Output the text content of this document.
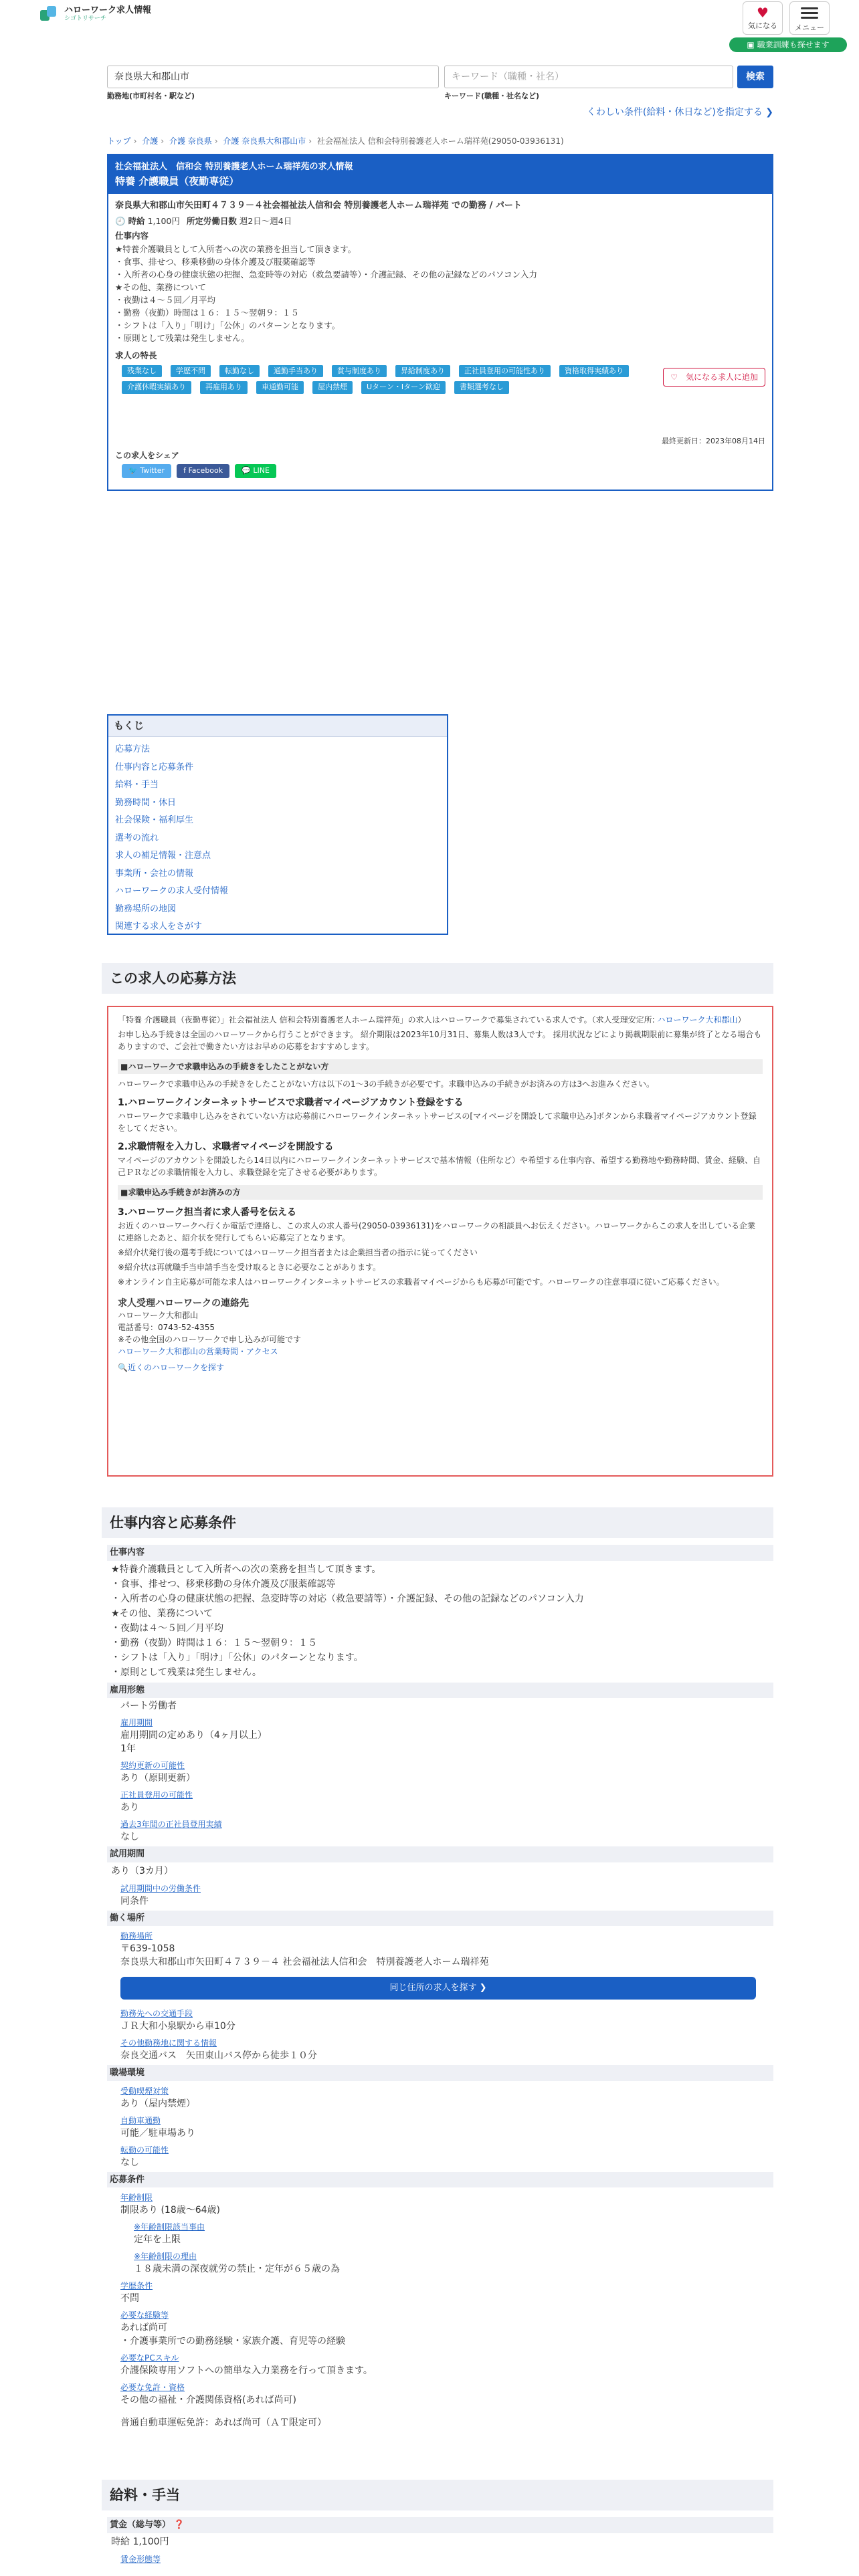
ハローワーク求人情報
シゴトリサーチ	♥
気になる	メニュー
▣ 職業訓練も探せます
奈良県大和郡山市	キーワード（職種・社名）	検索
勤務地(市町村名・駅など)	キーワード(職種・社名など)
くわしい条件(給料・休日など)を指定する ❯
トップ › 介護 › 介護 奈良県 › 介護 奈良県大和郡山市 › 社会福祉法人 信和会特別養護老人ホーム瑞祥苑(29050-03936131)
社会福祉法人　信和会 特別養護老人ホーム瑞祥苑の求人情報
特養 介護職員（夜勤専従）
奈良県大和郡山市矢田町４７３９－４社会福祉法人信和会 特別養護老人ホーム瑞祥苑 での勤務 / パート
🕘 時給 1,100円 所定労働日数 週2日〜週4日
仕事内容
★特養介護職員として入所者への次の業務を担当して頂きます。
・食事、排せつ、移乗移動の身体介護及び服薬確認等
・入所者の心身の健康状態の把握、急変時等の対応（救急要請等）・介護記録、その他の記録などのパソコン入力
★その他、業務について
・夜勤は４～５回／月平均
・勤務（夜勤）時間は１６：１５～翌朝９：１５
・シフトは「入り」「明け」「公休」のパターンとなります。
・原則として残業は発生しません。
求人の特長
残業なし	学歴不問	転勤なし	通勤手当あり	賞与制度あり	昇給制度あり	正社員登用の可能性あり	資格取得実績あり
介護休暇実績あり	再雇用あり	車通勤可能	屋内禁煙	Uターン・Iターン歓迎	書類選考なし
♡　気になる求人に追加
最終更新日：2023年08月14日
この求人をシェア
🐦 Twitter	f Facebook	💬 LINE
もくじ
応募方法
仕事内容と応募条件
給料・手当
勤務時間・休日
社会保険・福利厚生
選考の流れ
求人の補足情報・注意点
事業所・会社の情報
ハローワークの求人受付情報
勤務場所の地図
関連する求人をさがす
この求人の応募方法

「特養 介護職員（夜勤専従）」社会福祉法人 信和会特別養護老人ホーム瑞祥苑」の求人はハローワークで募集されている求人です。（求人受理安定所: ハローワーク大和郡山）

お申し込み手続きは全国のハローワークから行うことができます。 紹介期限は2023年10月31日、募集人数は3人です。 採用状況などにより掲載期限前に募集が終了となる場合もありますので、ご会社で働きたい方はお早めの応募をおすすめします。

■ハローワークで求職申込みの手続きをしたことがない方

ハローワークで求職申込みの手続きをしたことがない方は以下の1〜3の手続きが必要です。求職申込みの手続きがお済みの方は3へお進みください。

1.ハローワークインターネットサービスで求職者マイページアカウント登録をする

ハローワークで求職申し込みをされていない方は応募前にハローワークインターネットサービスの[マイページを開設して求職申込み]ボタンから求職者マイページアカウント登録をしてください。

2.求職情報を入力し、求職者マイページを開設する

マイページのアカウントを開設したら14日以内にハローワークインターネットサービスで基本情報（住所など）や希望する仕事内容、希望する勤務地や勤務時間、賃金、経験、自己ＰＲなどの求職情報を入力し、求職登録を完了させる必要があります。

■求職申込み手続きがお済みの方
3.ハローワーク担当者に求人番号を伝える

お近くのハローワークへ行くか電話で連絡し、この求人の求人番号(29050-03936131)をハローワークの相談員へお伝えください。ハローワークからこの求人を出している企業に連絡したあと、紹介状を発行してもらい応募完了となります。

※紹介状発行後の選考手続についてはハローワーク担当者または企業担当者の指示に従ってください

※紹介状は再就職手当申請手当を受け取るときに必要なことがあります。

※オンライン自主応募が可能な求人はハローワークインターネットサービスの求職者マイページからも応募が可能です。ハローワークの注意事項に従いご応募ください。

求人受理ハローワークの連絡先
ハローワーク大和郡山
電話番号：0743-52-4355
※その他全国のハローワークで申し込みが可能です
ハローワーク大和郡山の営業時間・アクセス
🔍近くのハローワークを探す
仕事内容と応募条件
仕事内容
★特養介護職員として入所者への次の業務を担当して頂きます。
・食事、排せつ、移乗移動の身体介護及び服薬確認等
・入所者の心身の健康状態の把握、急変時等の対応（救急要請等）・介護記録、その他の記録などのパソコン入力
★その他、業務について
・夜勤は４～５回／月平均
・勤務（夜勤）時間は１６：１５～翌朝９：１５
・シフトは「入り」「明け」「公休」のパターンとなります。
・原則として残業は発生しません。
雇用形態
パート労働者
雇用期間
雇用期間の定めあり（4ヶ月以上）
1年
契約更新の可能性
あり（原則更新）
正社員登用の可能性
あり
過去3年間の正社員登用実績
なし
試用期間
あり（3カ月）
試用期間中の労働条件
同条件
働く場所
勤務場所
〒639-1058
奈良県大和郡山市矢田町４７３９－４ 社会福祉法人信和会　特別養護老人ホーム瑞祥苑
同じ住所の求人を探す ❯
勤務先への交通手段
ＪＲ大和小泉駅から車10分
その他勤務地に関する情報
奈良交通バス　矢田東山バス停から徒歩１０分
職場環境
受動喫煙対策
あり（屋内禁煙）
自動車通勤
可能／駐車場あり
転勤の可能性
なし
応募条件
年齢制限
制限あり (18歳〜64歳)
※年齢制限該当事由
定年を上限
※年齢制限の理由
１８歳未満の深夜就労の禁止・定年が６５歳の為
学歴条件
不問
必要な経験等
あれば尚可
・介護事業所での勤務経験・家族介護、育児等の経験
必要なPCスキル
介護保険専用ソフトへの簡単な入力業務を行って頂きます。
必要な免許・資格
その他の福祉・介護関係資格(あれば尚可)
普通自動車運転免許：あれば尚可（ＡＴ限定可）
給料・手当
賃金（総与等） ❓
時給 1,100円
賃金形態等
